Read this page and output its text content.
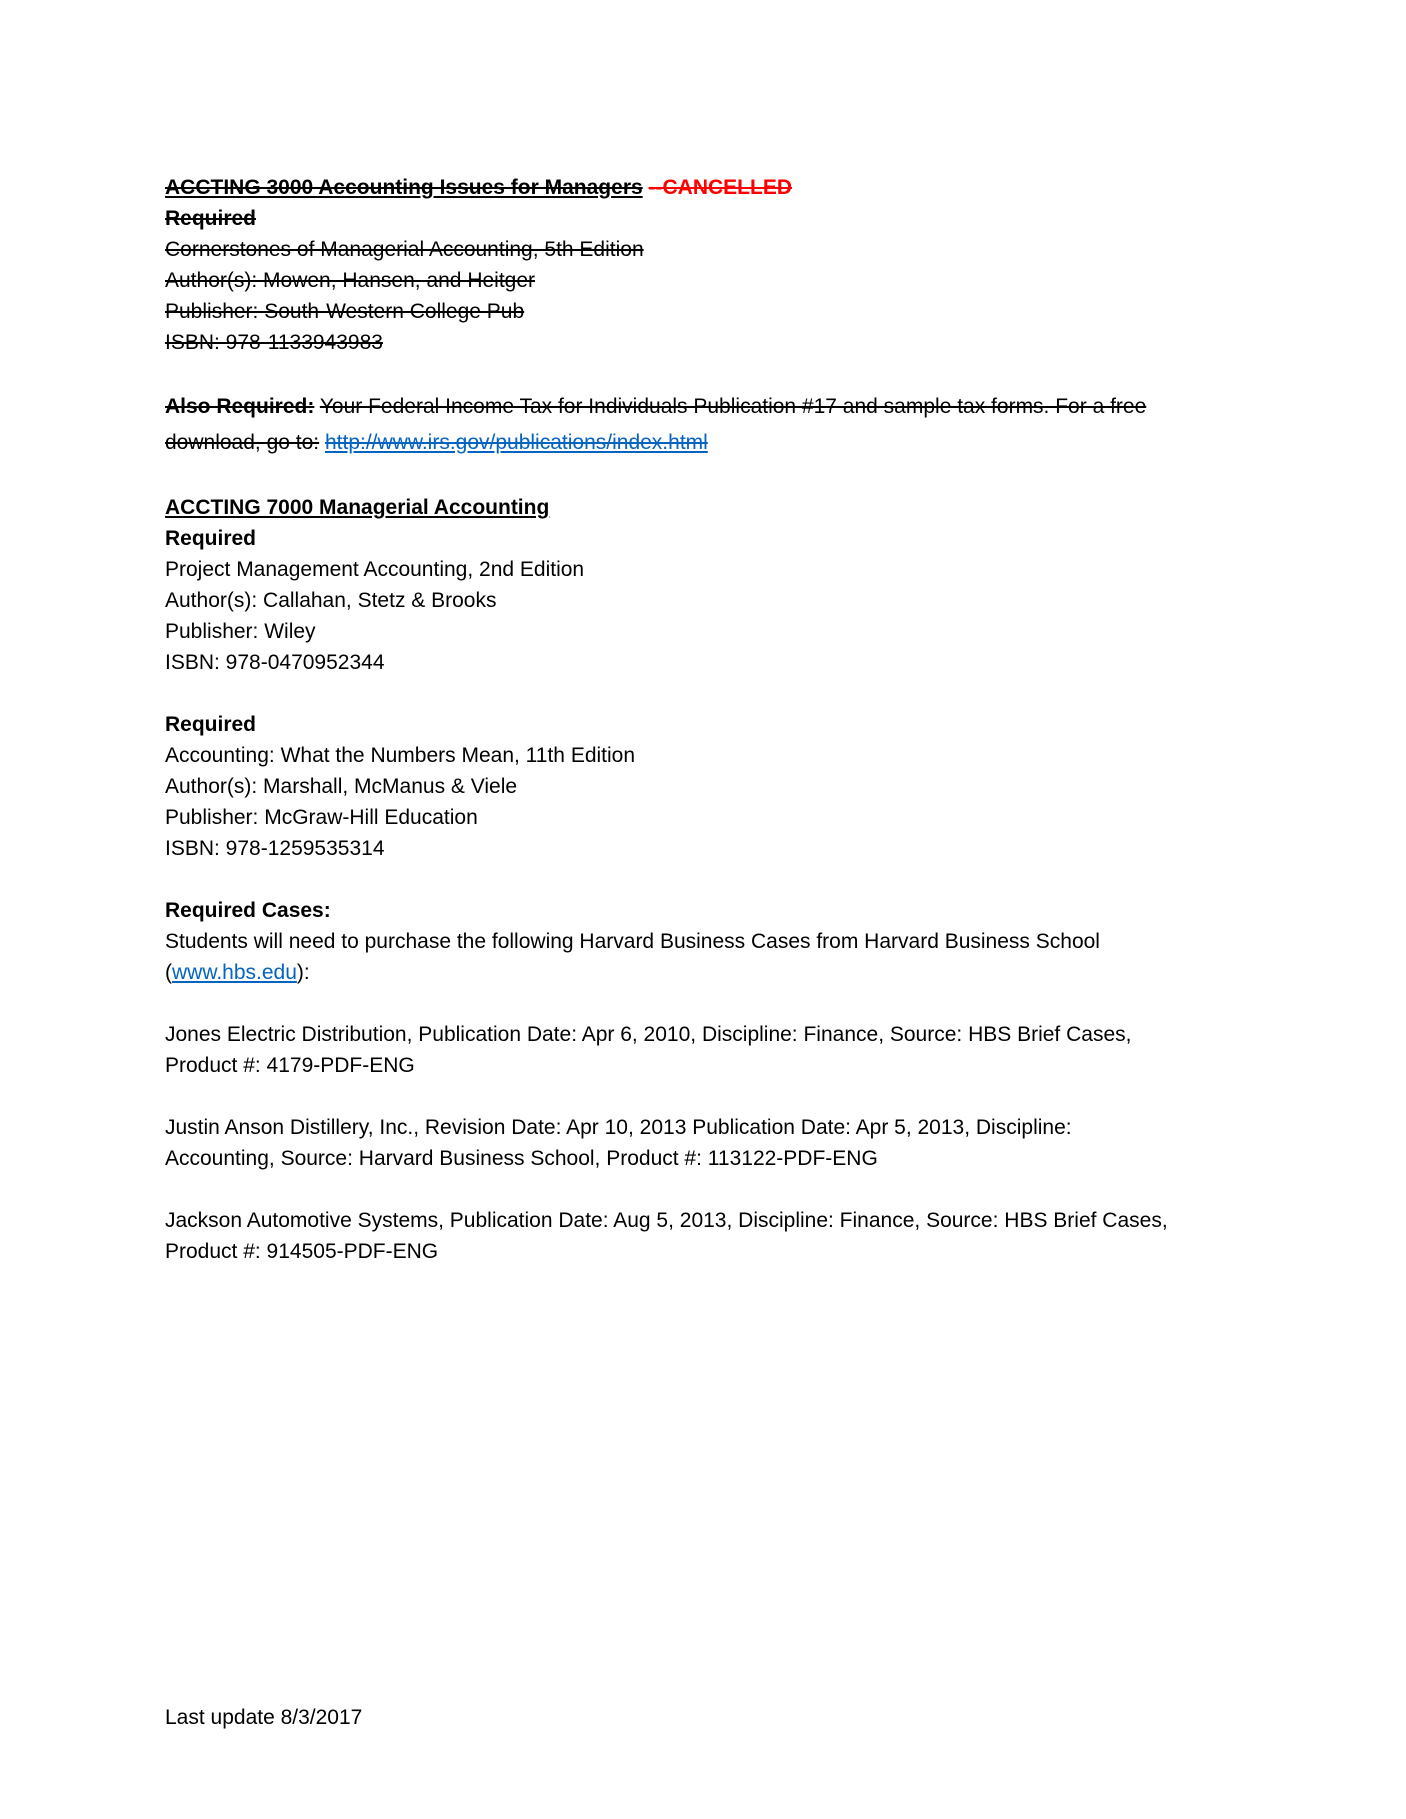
ACCTING 3000 Accounting Issues for Managers --CANCELLED
Required
Cornerstones of Managerial Accounting, 5th Edition
Author(s): Mowen, Hansen, and Heitger
Publisher: South-Western College Pub
ISBN: 978-1133943983
Also Required: Your Federal Income Tax for Individuals Publication #17 and sample tax forms. For a free
download, go to: http://www.irs.gov/publications/index.html
ACCTING 7000 Managerial Accounting
Required
Project Management Accounting, 2nd Edition
Author(s): Callahan, Stetz & Brooks
Publisher: Wiley
ISBN: 978-0470952344
Required
Accounting: What the Numbers Mean, 11th Edition
Author(s): Marshall, McManus & Viele
Publisher: McGraw-Hill Education
ISBN: 978-1259535314
Required Cases:
Students will need to purchase the following Harvard Business Cases from Harvard Business School
(www.hbs.edu):
Jones Electric Distribution, Publication Date: Apr 6, 2010, Discipline: Finance, Source: HBS Brief Cases,
Product #: 4179-PDF-ENG
Justin Anson Distillery, Inc., Revision Date: Apr 10, 2013 Publication Date: Apr 5, 2013, Discipline:
Accounting, Source: Harvard Business School, Product #: 113122-PDF-ENG
Jackson Automotive Systems, Publication Date: Aug 5, 2013, Discipline: Finance, Source: HBS Brief Cases,
Product #: 914505-PDF-ENG
Last update 8/3/2017
